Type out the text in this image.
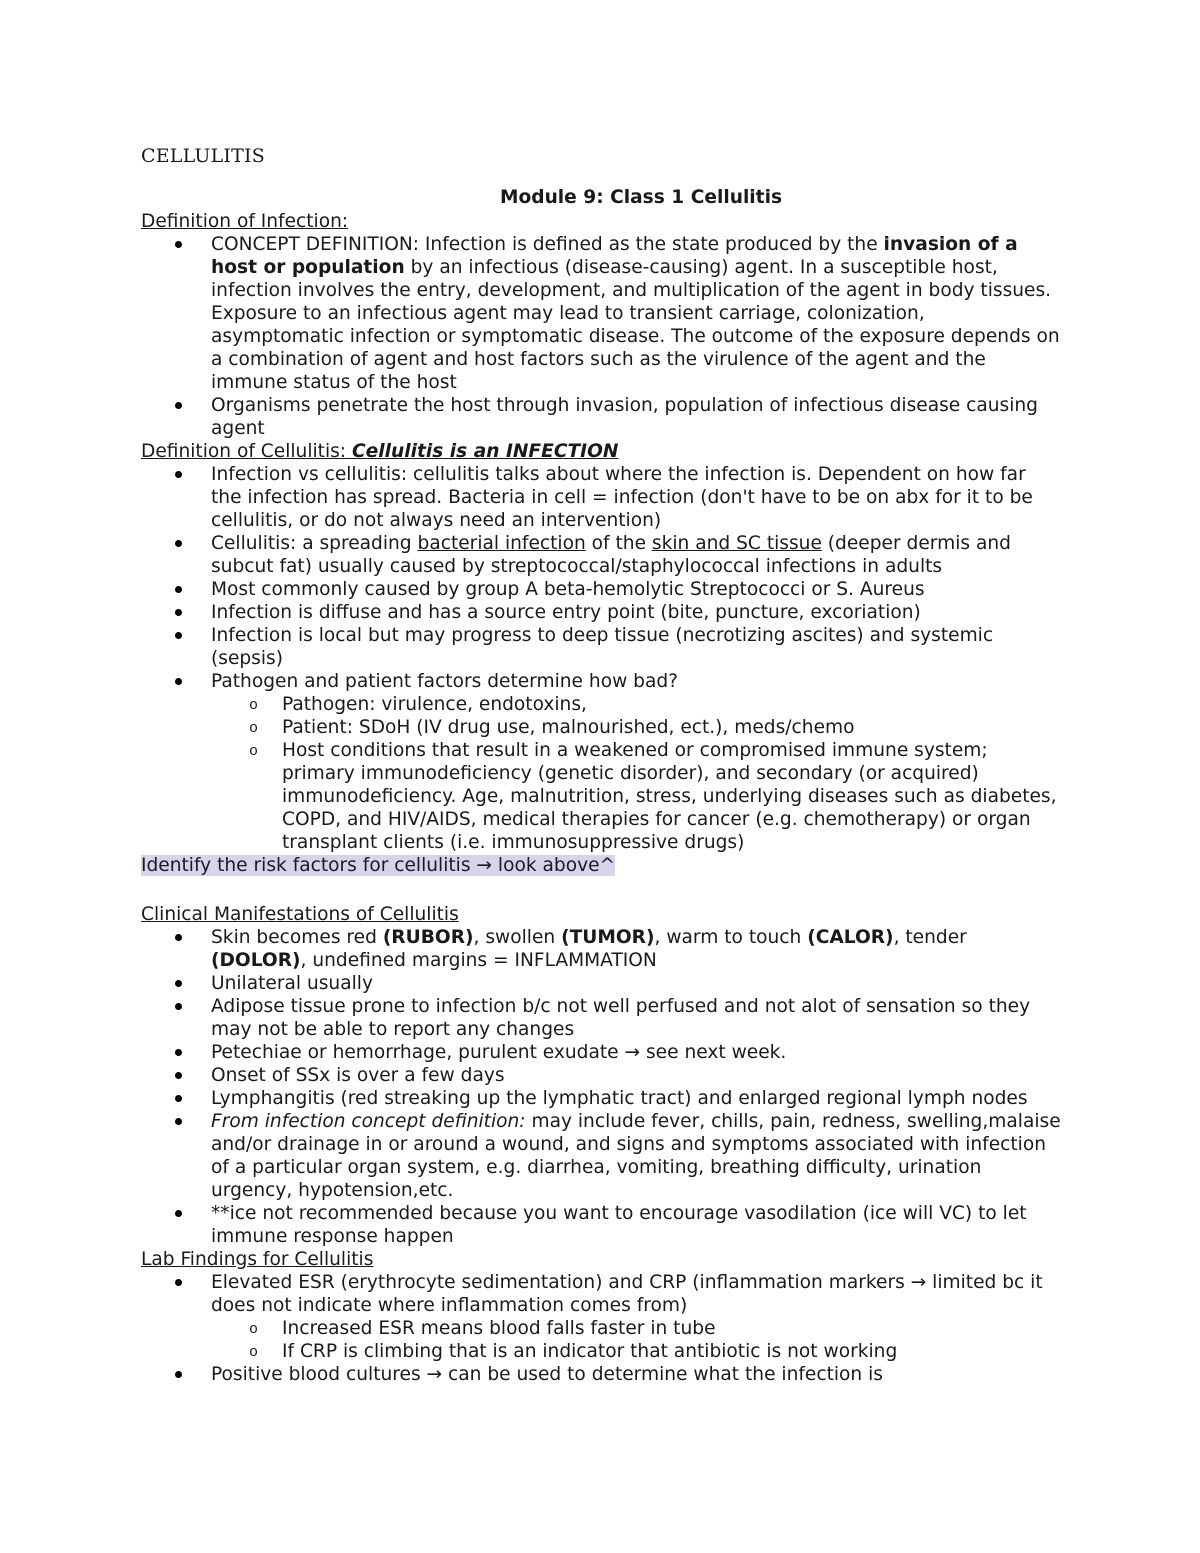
CELLULITIS
Module 9: Class 1 Cellulitis
Definition of Infection:
CONCEPT DEFINITION: Infection is defined as the state produced by the invasion of a host or population by an infectious (disease-causing) agent. In a susceptible host, infection involves the entry, development, and multiplication of the agent in body tissues. Exposure to an infectious agent may lead to transient carriage, colonization, asymptomatic infection or symptomatic disease. The outcome of the exposure depends on a combination of agent and host factors such as the virulence of the agent and the immune status of the host
Organisms penetrate the host through invasion, population of infectious disease causing agent
Definition of Cellulitis: Cellulitis is an INFECTION
Infection vs cellulitis: cellulitis talks about where the infection is. Dependent on how far the infection has spread. Bacteria in cell = infection (don't have to be on abx for it to be cellulitis, or do not always need an intervention)
Cellulitis: a spreading bacterial infection of the skin and SC tissue (deeper dermis and subcut fat) usually caused by streptococcal/staphylococcal infections in adults
Most commonly caused by group A beta-hemolytic Streptococci or S. Aureus
Infection is diffuse and has a source entry point (bite, puncture, excoriation)
Infection is local but may progress to deep tissue (necrotizing ascites) and systemic (sepsis)
Pathogen and patient factors determine how bad?
o Pathogen: virulence, endotoxins,
o Patient: SDoH (IV drug use, malnourished, ect.), meds/chemo
o Host conditions that result in a weakened or compromised immune system; primary immunodeficiency (genetic disorder), and secondary (or acquired) immunodeficiency. Age, malnutrition, stress, underlying diseases such as diabetes, COPD, and HIV/AIDS, medical therapies for cancer (e.g. chemotherapy) or organ transplant clients (i.e. immunosuppressive drugs)
Identify the risk factors for cellulitis → look above^
Clinical Manifestations of Cellulitis
Skin becomes red (RUBOR), swollen (TUMOR), warm to touch (CALOR), tender (DOLOR), undefined margins = INFLAMMATION
Unilateral usually
Adipose tissue prone to infection b/c not well perfused and not alot of sensation so they may not be able to report any changes
Petechiae or hemorrhage, purulent exudate → see next week.
Onset of SSx is over a few days
Lymphangitis (red streaking up the lymphatic tract) and enlarged regional lymph nodes
From infection concept definition: may include fever, chills, pain, redness, swelling,malaise and/or drainage in or around a wound, and signs and symptoms associated with infection of a particular organ system, e.g. diarrhea, vomiting, breathing difficulty, urination urgency, hypotension,etc.
**ice not recommended because you want to encourage vasodilation (ice will VC) to let immune response happen
Lab Findings for Cellulitis
Elevated ESR (erythrocyte sedimentation) and CRP (inflammation markers → limited bc it does not indicate where inflammation comes from)
o Increased ESR means blood falls faster in tube
o If CRP is climbing that is an indicator that antibiotic is not working
Positive blood cultures → can be used to determine what the infection is
